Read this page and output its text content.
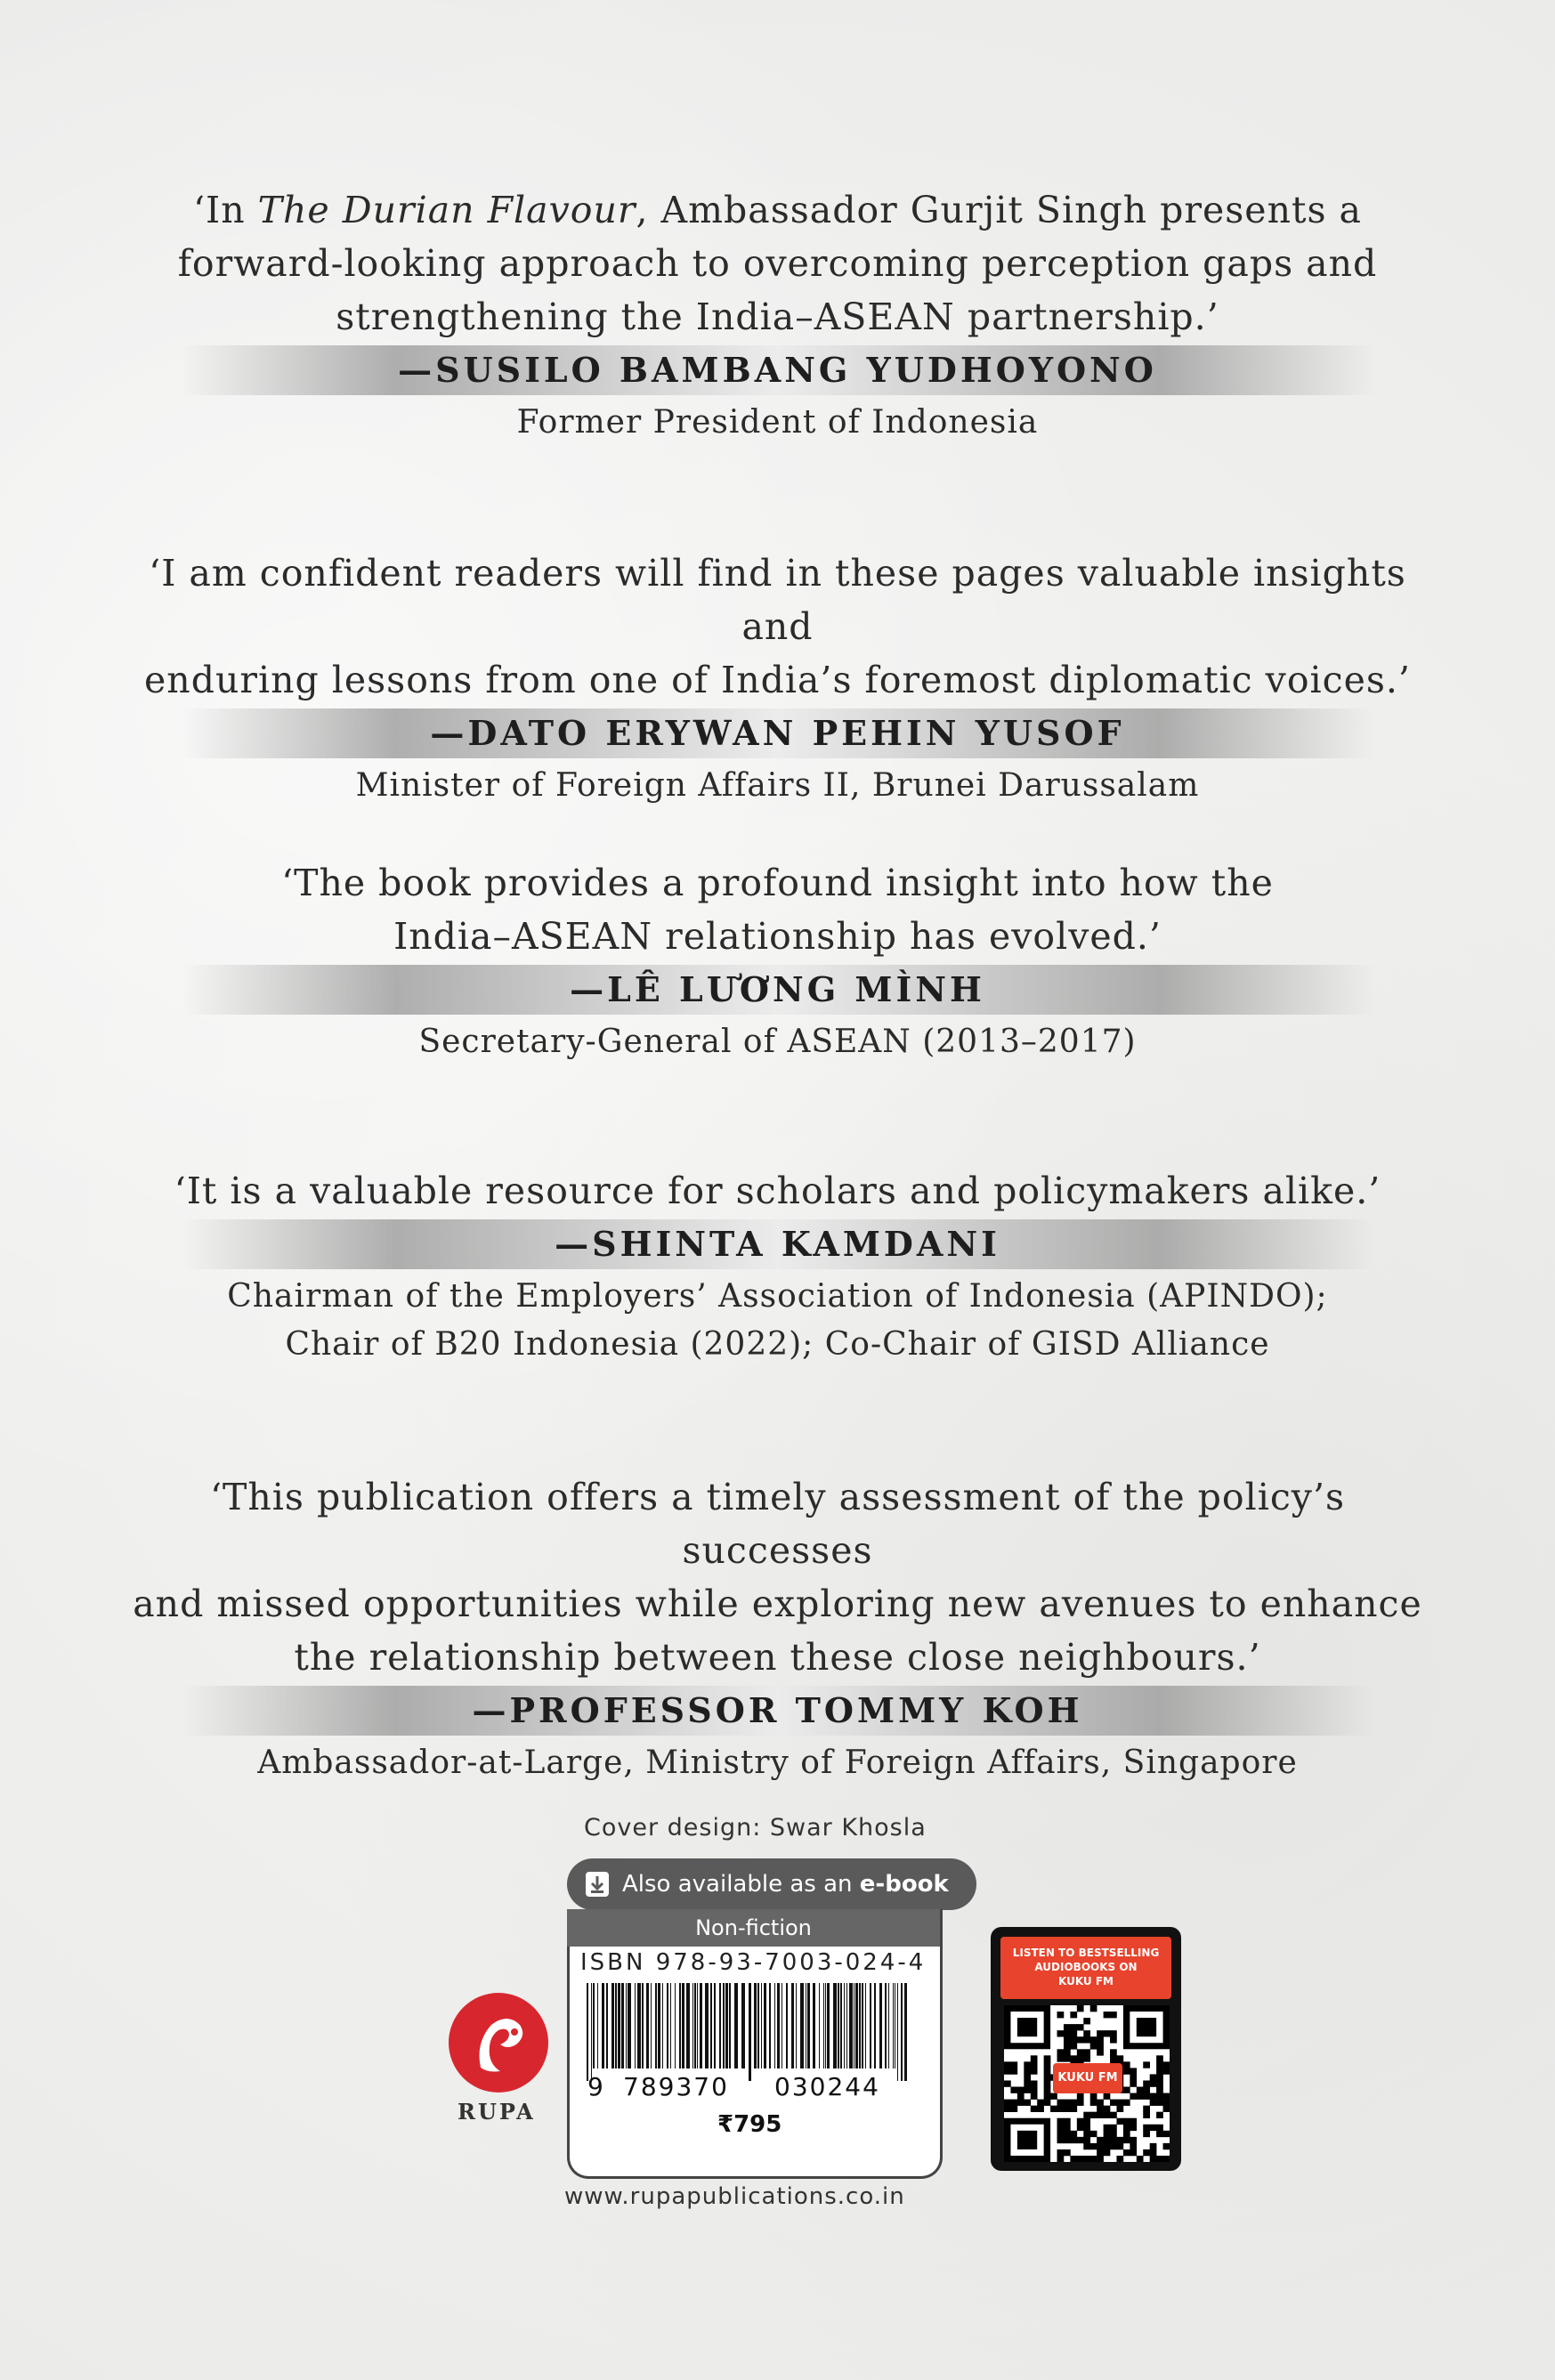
‘In The Durian Flavour, Ambassador Gurjit Singh presents a
forward-looking approach to overcoming perception gaps and
strengthening the India–ASEAN partnership.’

—SUSILO BAMBANG YUDHOYONO
Former President of Indonesia

‘I am confident readers will find in these pages valuable insights and
enduring lessons from one of India’s foremost diplomatic voices.’

—DATO ERYWAN PEHIN YUSOF
Minister of Foreign Affairs II, Brunei Darussalam

‘The book provides a profound insight into how the
India–ASEAN relationship has evolved.’

—LÊ LƯƠNG MÌNH
Secretary-General of ASEAN (2013–2017)

‘It is a valuable resource for scholars and policymakers alike.’

—SHINTA KAMDANI
Chairman of the Employers’ Association of Indonesia (APINDO);
Chair of B20 Indonesia (2022); Co-Chair of GISD Alliance

‘This publication offers a timely assessment of the policy’s successes
and missed opportunities while exploring new avenues to enhance
the relationship between these close neighbours.’

—PROFESSOR TOMMY KOH
Ambassador-at-Large, Ministry of Foreign Affairs, Singapore
Cover design: Swar Khosla
Also available as an e-book
Non-fiction
ISBN 978-93-7003-024-4
9 789370 030244
₹795
www.rupapublications.co.in
RUPA
LISTEN TO BESTSELLING
AUDIOBOOKS ON
KUKU FM
KUKU FM
